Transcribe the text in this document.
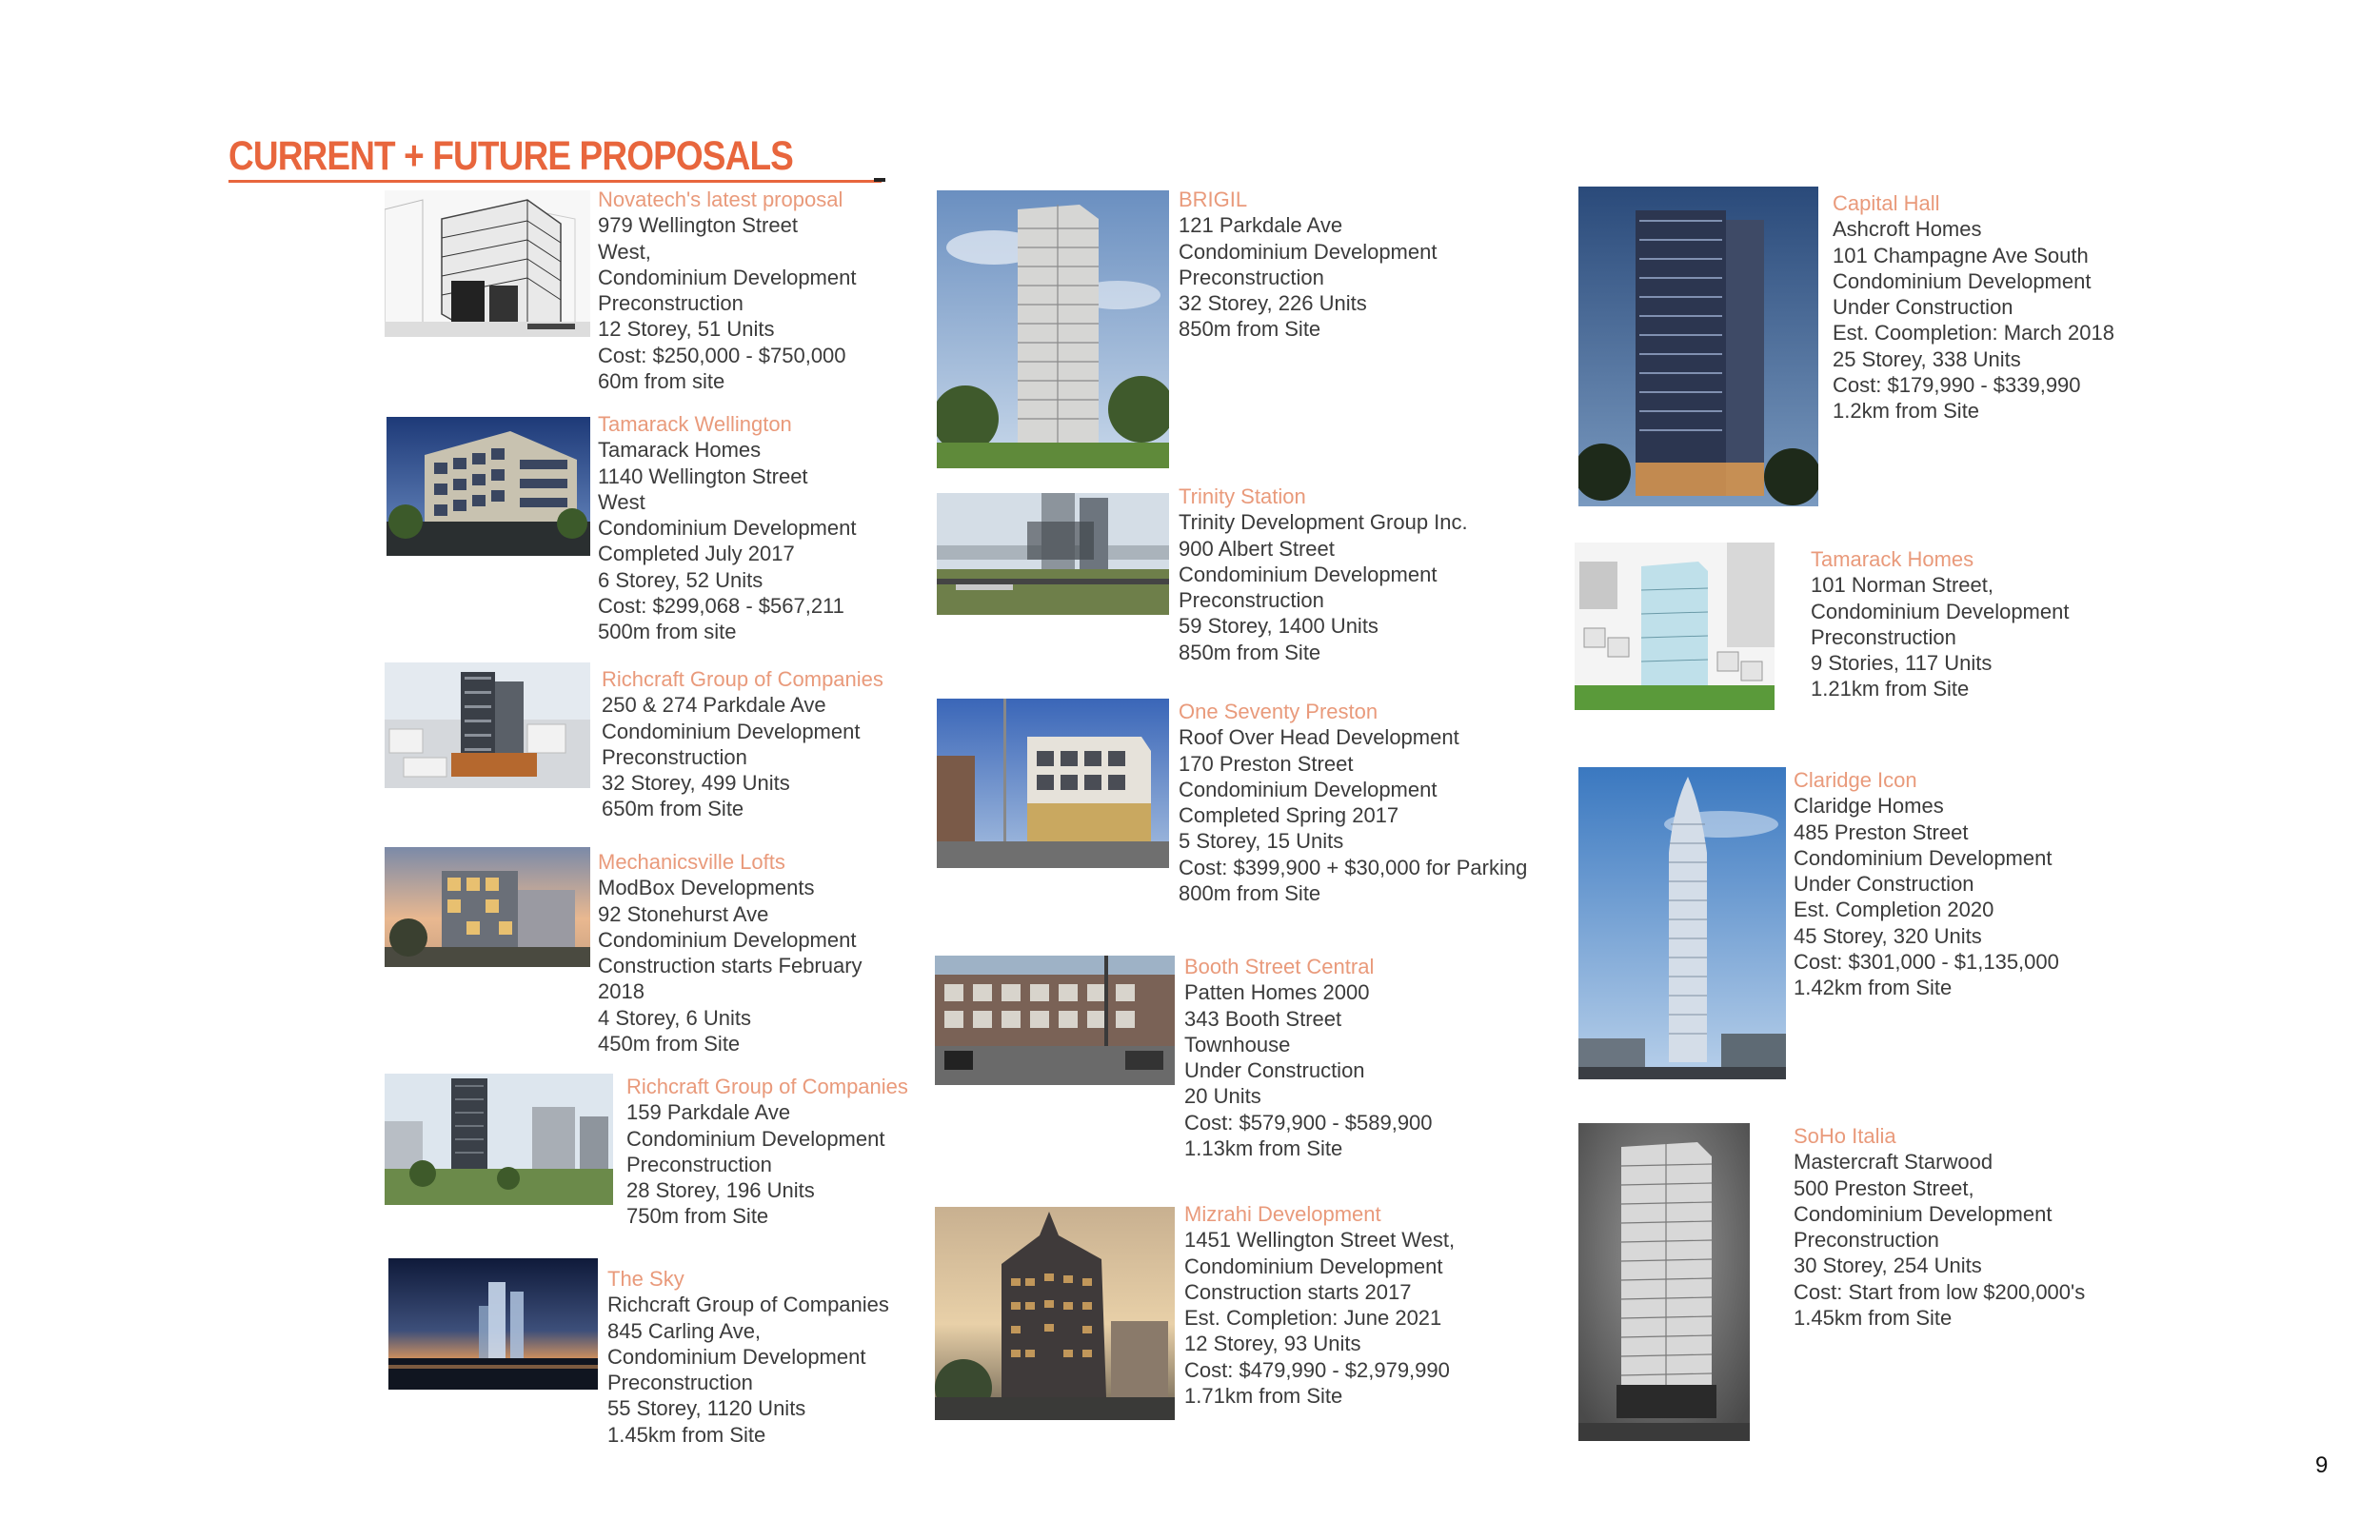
CURRENT + FUTURE PROPOSALS
Novatech's latest proposal
979 Wellington Street
West,
Condominium Development
Preconstruction
12 Storey, 51 Units
Cost: $250,000 - $750,000
60m from site
Tamarack Wellington
Tamarack Homes
1140 Wellington Street
West
Condominium Development
Completed July 2017
6 Storey, 52 Units
Cost: $299,068 - $567,211
500m from site
Richcraft Group of Companies
250 & 274 Parkdale Ave
Condominium Development
Preconstruction
32 Storey, 499 Units
650m from Site
Mechanicsville Lofts
ModBox Developments
92 Stonehurst Ave
Condominium Development
Construction starts February
2018
4 Storey, 6 Units
450m from Site
Richcraft Group of Companies
159 Parkdale Ave
Condominium Development
Preconstruction
28 Storey, 196 Units
750m from Site
The Sky
Richcraft Group of Companies
845 Carling Ave,
Condominium Development
Preconstruction
55 Storey, 1120 Units
1.45km from Site
BRIGIL
121 Parkdale Ave
Condominium Development
Preconstruction
32 Storey, 226 Units
850m from Site
Trinity Station
Trinity Development Group Inc.
900 Albert Street
Condominium Development
Preconstruction
59 Storey, 1400 Units
850m from Site
One Seventy Preston
Roof Over Head Development
170 Preston Street
Condominium Development
Completed Spring 2017
5 Storey, 15 Units
Cost: $399,900 + $30,000 for Parking
800m from Site
Booth Street Central
Patten Homes 2000
343 Booth Street
Townhouse
Under Construction
20 Units
Cost: $579,900 - $589,900
1.13km from Site
Mizrahi Development
1451 Wellington Street West,
Condominium Development
Construction starts 2017
Est. Completion: June 2021
12 Storey, 93 Units
Cost: $479,990 - $2,979,990
1.71km from Site
Capital Hall
Ashcroft Homes
101 Champagne Ave South
Condominium Development
Under Construction
Est. Coompletion: March 2018
25 Storey, 338 Units
Cost: $179,990 - $339,990
1.2km from Site
Tamarack Homes
101 Norman Street,
Condominium Development
Preconstruction
9 Stories, 117 Units
1.21km from Site
Claridge Icon
Claridge Homes
485 Preston Street
Condominium Development
Under Construction
Est. Completion 2020
45 Storey, 320 Units
Cost: $301,000 - $1,135,000
1.42km from Site
SoHo Italia
Mastercraft Starwood
500 Preston Street,
Condominium Development
Preconstruction
30 Storey, 254 Units
Cost: Start from low $200,000's
1.45km from Site
9
